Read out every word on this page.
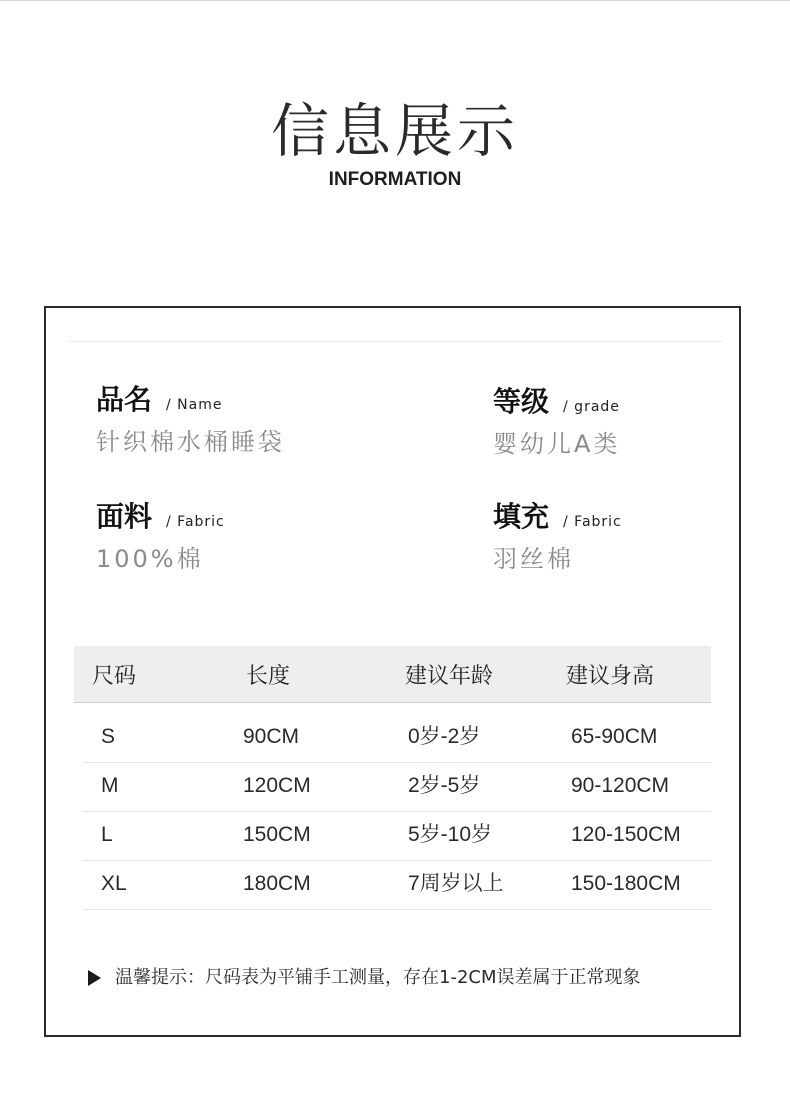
信息展示
INFORMATION
品名 / Name
针织棉水桶睡袋
等级 / grade
婴幼儿A类
面料 / Fabric
100%棉
填充 / Fabric
羽丝棉
尺码	长度	建议年龄	建议身高
S	90CM	0岁-2岁	65-90CM
M	120CM	2岁-5岁	90-120CM
L	150CM	5岁-10岁	120-150CM
XL	180CM	7周岁以上	150-180CM
温馨提示：尺码表为平铺手工测量，存在1-2CM误差属于正常现象
